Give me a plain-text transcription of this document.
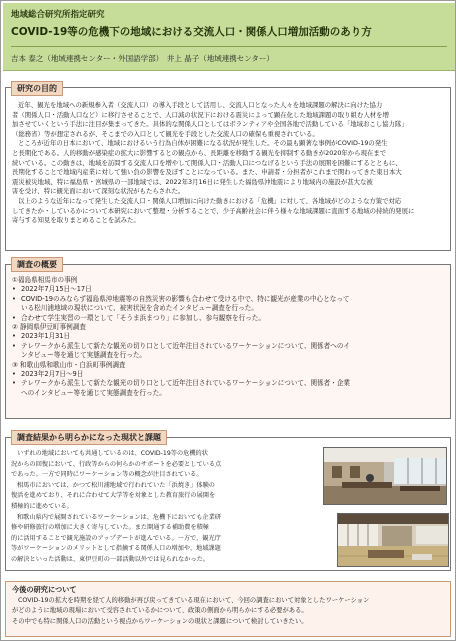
地域総合研究所指定研究
COVID-19等の危機下の地域における交流人口・関係人口増加活動のあり方
吉本 泰之（地域連携センター・外国語学部）　井上 晶子（地域連携センター）
近年、観光を地域への新規参入者（交流人口）の導入手段として活用し、交流人口となった人々を地域課題の解決に向けた協力
者（関係人口・活動人口など）に移行させることで、人口減の状況下における震災によって顕在化した地域課題の取り組む人材を増
加させていくという手法に注目が集まってきた。具体的な関係人口としてはボランティアや全国各地で活動している「地域おこし協力隊」
（総務省）等が想定されるが、そこまでの入口として観光を手段とした交流人口の確保も重視されている。
ところが近年の日本において、地域におけるいう行為自体が困難になる状況が発生した。その最も顕著な事例がCOVID-19の発生
と長期化である。人的移動が感染症の拡大に影響するとの観点から、長距離を移動する観光を抑制する動きが2020年から現在まで
続いている。この動きは、地域を訪問する交流人口を増やして関係人口・活動人口につなげるという手法の展開を困難にするとともに、
長期化することで地域内産業に対して強い負の影響を及ぼすことになっている。また、申請者・分担者がこれまで関わってきた東日本大
震災被災地域、特に福島県・宮城県の一部地域では、2022年3月16日に発生した福島県沖地震により地域内の施設が甚大な被
害を受け、特に観光面において深刻な状況がもたらされた。
以上のような近年になって発生した交流人口・関係人口増加に向けた動きにおける「危機」に対して、各地域がどのような方策で対応
してきたか・しているかについて本研究において整理・分析することで、少子高齢社会に伴う様々な地域課題に直面する地域の持続的発展に
寄与する知見を取りまとめることを試みた。
研究の目的
①福島県相馬市の事例
• 2022年7月15日～17日
• COVID-19のみならず福島県沖地震等の自然災害の影響も合わせて受ける中で、特に観光が産業の中心となって
いる松川浦地域の現状について、被害状況を含めたインタビュー調査を行った。
• 合わせて学生実習の一環として「そうま浜まつり」に参加し、参与観察を行った。
② 静岡県伊豆町事例調査
• 2023年1月31日
• テレワークから派生して新たな観光の切り口として近年注目されているワーケーションについて、関係者へのイ
ンタビュー等を通じて実態調査を行った。
③ 和歌山県和歌山市・白浜町事例調査
• 2023年2月7日～9日
• テレワークから派生して新たな観光の切り口として近年注目されているワーケーションについて、関係者・企業
へのインタビュー等を通じて実態調査を行った。
調査の概要
いずれの地域においても共通しているのは、COVID-19等の危機的状
況からの回復において、行政等からの何らかのサポートを必要としている点
であった。一方で同時にワーケーション等の概念が注目されている。
相馬市においては、かつて松川浦地域で行われていた「浜焼き」体験の
復活を進めており、それに合わせて大学等を対象とした教育旅行の展開を
積極的に進めている。
和歌山県内で展開されているワーケーションは、危機下においても企業研
修や研修旅行の増加に大きく寄与していた。また開通する補助費を積極
的に活用することで観光施設のアップデートが進んでいる。一方で、観光庁
等がワーケーションのメリットとして指摘する関係人口の増加や、地域課題
の解決といった活動は、東伊豆町の一部活動以外では見られなかった。
調査結果から明らかになった現状と課題
今後の研究について
COVID-19の拡大を時期を経て人的移動が再び戻ってきている現在において、今回の調査において対象としたワーケーション
がどのように地域の現場において受容されているかについて、政策の側面から明らかにする必要がある。
その中でも特に関係人口の活動という視点からワーケーションの現状と課題について検討していきたい。
